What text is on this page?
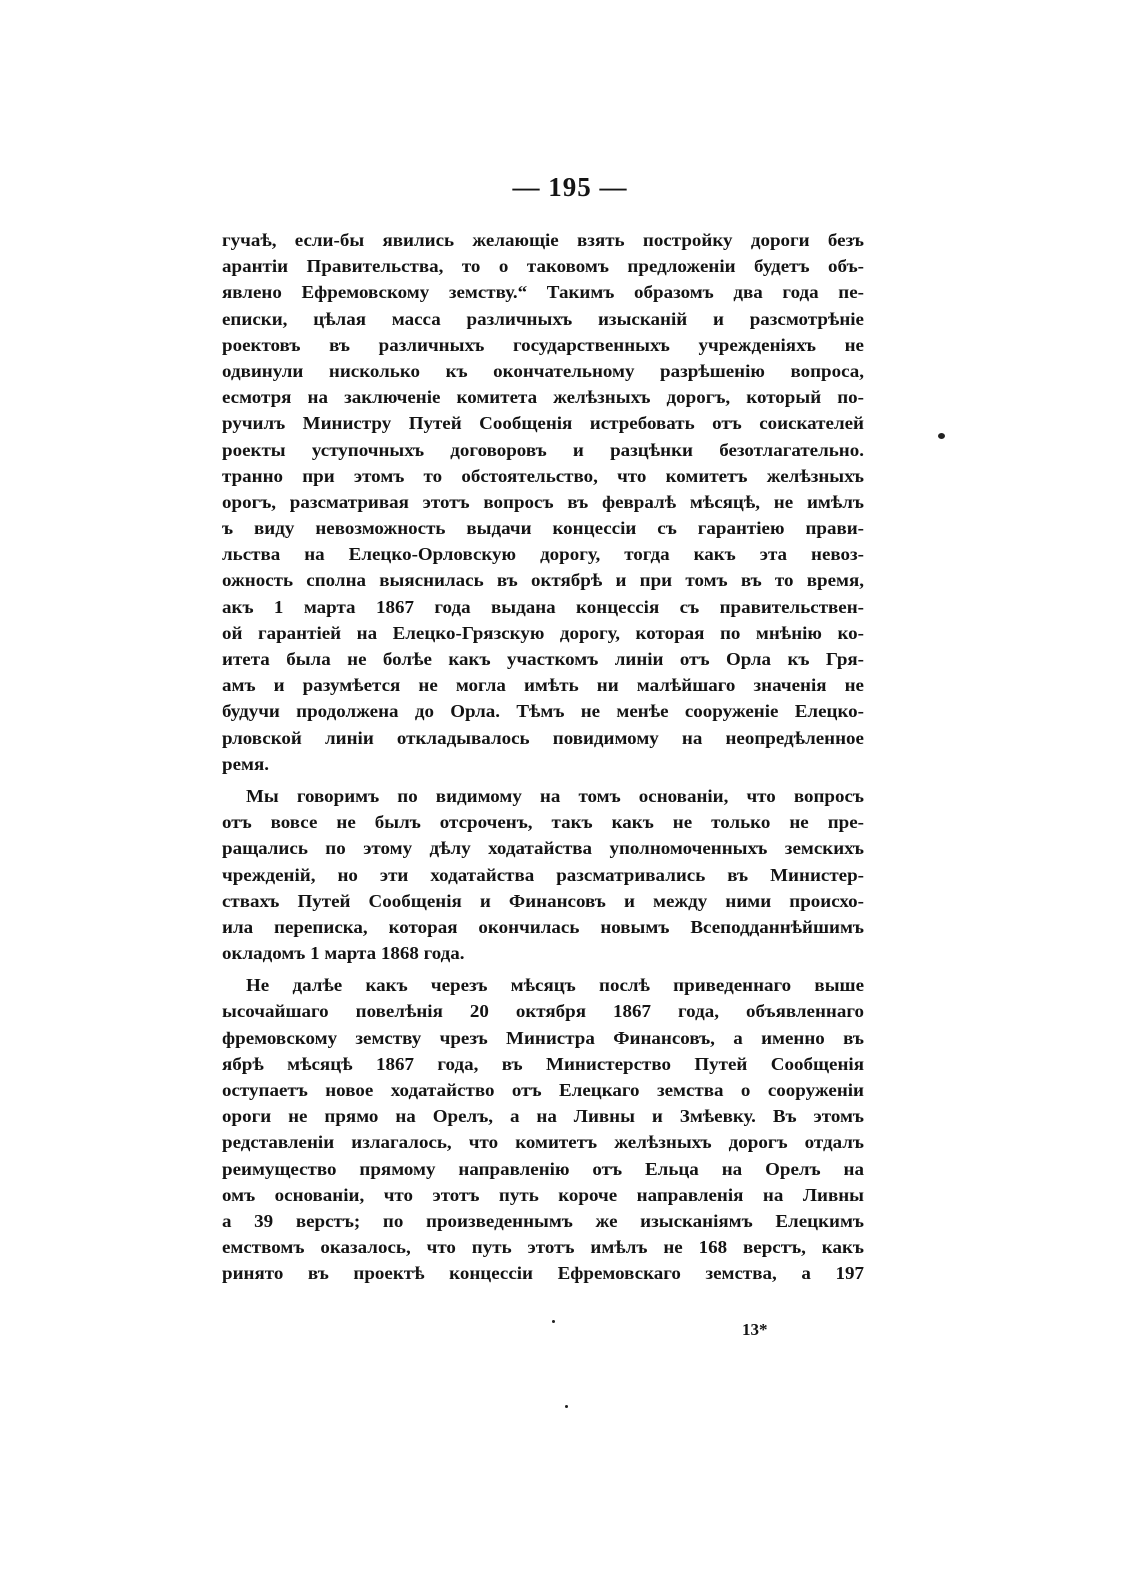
— 195 —
гучаѣ, если-бы явились желающіе взять постройку дороги безъ
арантіи Правительства, то о таковомъ предложеніи будетъ объ-
явлено Ефремовскому земству.“ Такимъ образомъ два года пе-
еписки, цѣлая масса различныхъ изысканій и разсмотрѣніе
роектовъ въ различныхъ государственныхъ учрежденіяхъ не
одвинули нисколько къ окончательному разрѣшенію вопроса,
есмотря на заключеніе комитета желѣзныхъ дорогъ, который по-
ручилъ Министру Путей Сообщенія истребовать отъ соискателей
роекты уступочныхъ договоровъ и разцѣнки безотлагательно.
транно при этомъ то обстоятельство, что комитетъ желѣзныхъ
орогъ, разсматривая этотъ вопросъ въ февралѣ мѣсяцѣ, не имѣлъ
ъ виду невозможность выдачи концессіи съ гарантіею прави-
льства на Елецко-Орловскую дорогу, тогда какъ эта невоз-
ожность сполна выяснилась въ октябрѣ и при томъ въ то время,
акъ 1 марта 1867 года выдана концессія съ правительствен-
ой гарантіей на Елецко-Грязскую дорогу, которая по мнѣнію ко-
итета была не болѣе какъ участкомъ линіи отъ Орла къ Гря-
амъ и разумѣется не могла имѣть ни малѣйшаго значенія не
будучи продолжена до Орла. Тѣмъ не менѣе сооруженіе Елецко-
рловской линіи откладывалось повидимому на неопредѣленное
ремя.
Мы говоримъ по видимому на томъ основаніи, что вопросъ
отъ вовсе не былъ отсроченъ, такъ какъ не только не пре-
ращались по этому дѣлу ходатайства уполномоченныхъ земскихъ
чрежденій, но эти ходатайства разсматривались въ Министер-
ствахъ Путей Сообщенія и Финансовъ и между ними происхо-
ила переписка, которая окончилась новымъ Всеподданнѣйшимъ
окладомъ 1 марта 1868 года.
Не далѣе какъ черезъ мѣсяцъ послѣ приведеннаго выше
ысочайшаго повелѣнія 20 октября 1867 года, объявленнаго
фремовскому земству чрезъ Министра Финансовъ, а именно въ
ябрѣ мѣсяцѣ 1867 года, въ Министерство Путей Сообщенія
оступаетъ новое ходатайство отъ Елецкаго земства о сооруженіи
ороги не прямо на Орелъ, а на Ливны и Змѣевку. Въ этомъ
редставленіи излагалось, что комитетъ желѣзныхъ дорогъ отдалъ
реимущество прямому направленію отъ Ельца на Орелъ на
омъ основаніи, что этотъ путь короче направленія на Ливны
а 39 верстъ; по произведеннымъ же изысканіямъ Елецкимъ
емствомъ оказалось, что путь этотъ имѣлъ не 168 верстъ, какъ
ринято въ проектѣ концессіи Ефремовскаго земства, а 197
13*
